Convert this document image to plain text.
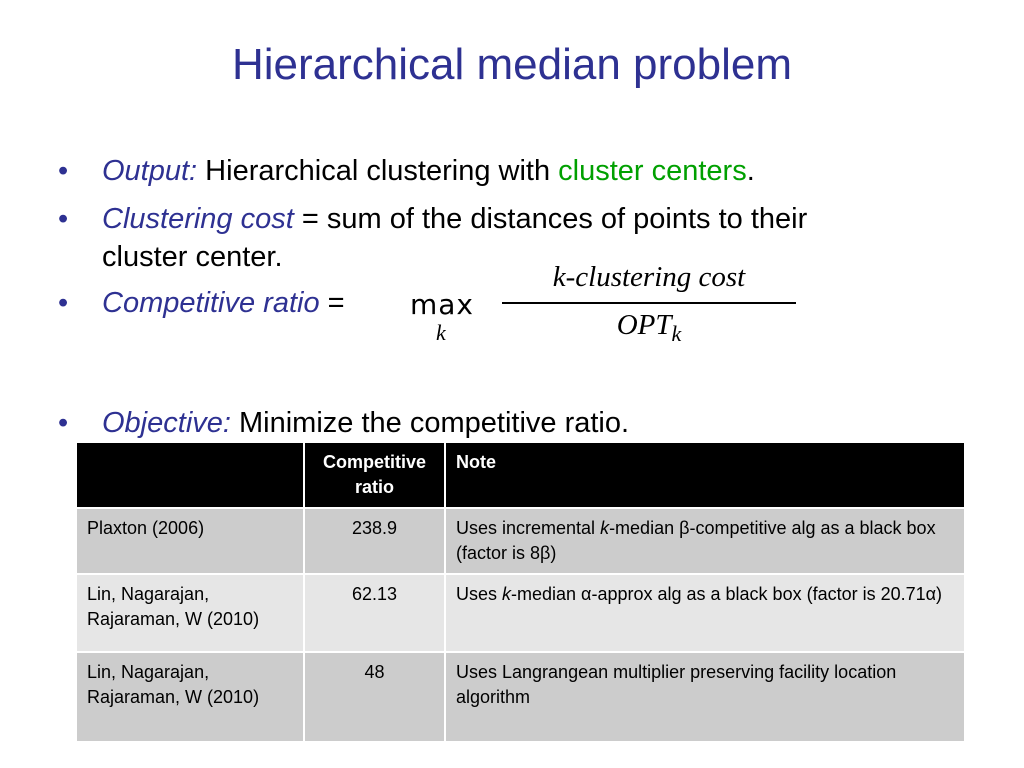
Hierarchical median problem
• Output: Hierarchical clustering with cluster centers.
• Clustering cost = sum of the distances of points to their
cluster center.
• Competitive ratio = max
k
k-clustering cost
$OPT_k$
• Objective: Minimize the competitive ratio.
	Competitive ratio	Note
Plaxton (2006)	238.9	Uses incremental k-median β-competitive alg as a black box (factor is 8β)
Lin, Nagarajan, Rajaraman, W (2010)	62.13	Uses k-median α-approx alg as a black box (factor is 20.71α)
Lin, Nagarajan, Rajaraman, W (2010)	48	Uses Langrangean multiplier preserving facility location algorithm
